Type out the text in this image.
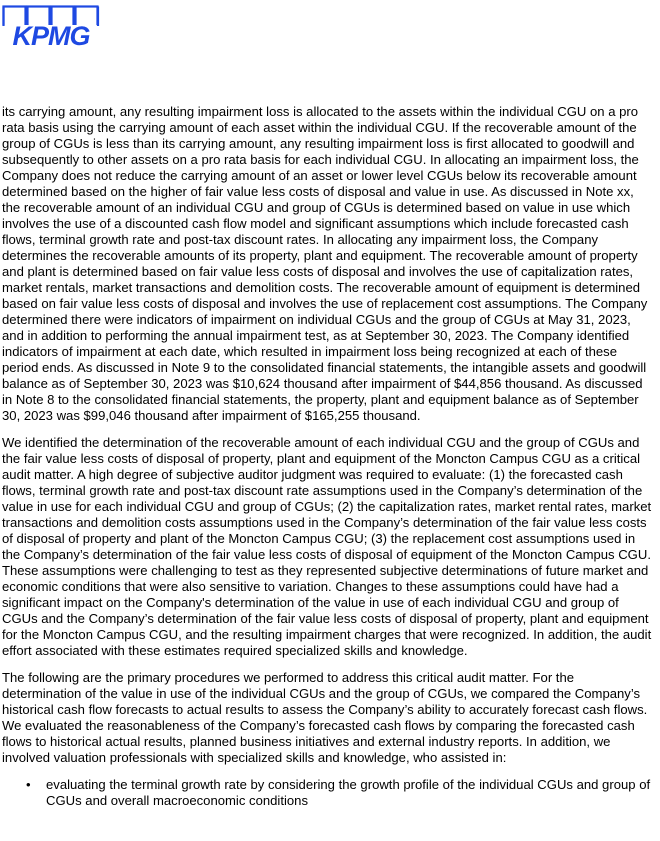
KPMG

its carrying amount, any resulting impairment loss is allocated to the assets within the individual CGU on a pro rata basis using the carrying amount of each asset within the individual CGU. If the recoverable amount of the group of CGUs is less than its carrying amount, any resulting impairment loss is first allocated to goodwill and subsequently to other assets on a pro rata basis for each individual CGU. In allocating an impairment loss, the Company does not reduce the carrying amount of an asset or lower level CGUs below its recoverable amount determined based on the higher of fair value less costs of disposal and value in use. As discussed in Note xx, the recoverable amount of an individual CGU and group of CGUs is determined based on value in use which involves the use of a discounted cash flow model and significant assumptions which include forecasted cash flows, terminal growth rate and post-tax discount rates. In allocating any impairment loss, the Company determines the recoverable amounts of its property, plant and equipment. The recoverable amount of property and plant is determined based on fair value less costs of disposal and involves the use of capitalization rates, market rentals, market transactions and demolition costs. The recoverable amount of equipment is determined based on fair value less costs of disposal and involves the use of replacement cost assumptions. The Company determined there were indicators of impairment on individual CGUs and the group of CGUs at May 31, 2023, and in addition to performing the annual impairment test, as at September 30, 2023. The Company identified indicators of impairment at each date, which resulted in impairment loss being recognized at each of these period ends. As discussed in Note 9 to the consolidated financial statements, the intangible assets and goodwill balance as of September 30, 2023 was $10,624 thousand after impairment of $44,856 thousand. As discussed in Note 8 to the consolidated financial statements, the property, plant and equipment balance as of September 30, 2023 was $99,046 thousand after impairment of $165,255 thousand.

We identified the determination of the recoverable amount of each individual CGU and the group of CGUs and the fair value less costs of disposal of property, plant and equipment of the Moncton Campus CGU as a critical audit matter. A high degree of subjective auditor judgment was required to evaluate: (1) the forecasted cash flows, terminal growth rate and post-tax discount rate assumptions used in the Company’s determination of the value in use for each individual CGU and group of CGUs; (2) the capitalization rates, market rental rates, market transactions and demolition costs assumptions used in the Company’s determination of the fair value less costs of disposal of property and plant of the Moncton Campus CGU; (3) the replacement cost assumptions used in the Company’s determination of the fair value less costs of disposal of equipment of the Moncton Campus CGU. These assumptions were challenging to test as they represented subjective determinations of future market and economic conditions that were also sensitive to variation. Changes to these assumptions could have had a significant impact on the Company's determination of the value in use of each individual CGU and group of CGUs and the Company’s determination of the fair value less costs of disposal of property, plant and equipment for the Moncton Campus CGU, and the resulting impairment charges that were recognized. In addition, the audit effort associated with these estimates required specialized skills and knowledge.

The following are the primary procedures we performed to address this critical audit matter. For the determination of the value in use of the individual CGUs and the group of CGUs, we compared the Company’s historical cash flow forecasts to actual results to assess the Company’s ability to accurately forecast cash flows. We evaluated the reasonableness of the Company’s forecasted cash flows by comparing the forecasted cash flows to historical actual results, planned business initiatives and external industry reports. In addition, we involved valuation professionals with specialized skills and knowledge, who assisted in:

• evaluating the terminal growth rate by considering the growth profile of the individual CGUs and group of CGUs and overall macroeconomic conditions
